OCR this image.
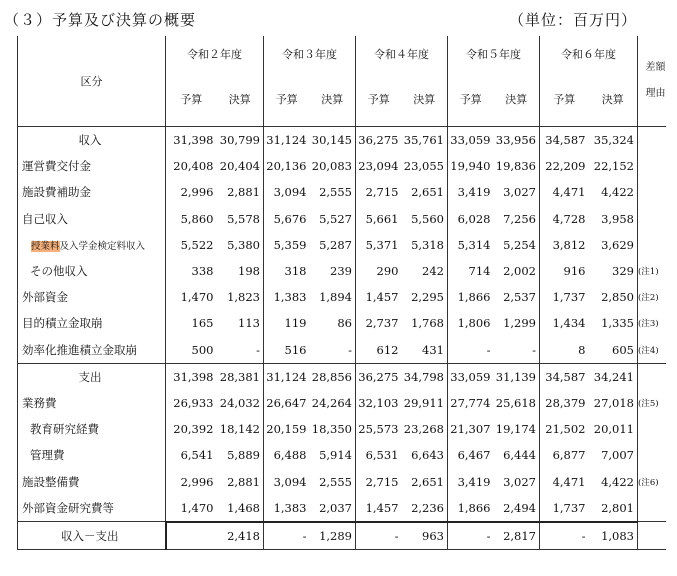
（３）予算及び決算の概要	（単位：百万円）
区分	令和２年度		令和３年度		令和４年度		令和５年度		令和６年度		差額
理由
	予算	決算	予算	決算	予算	決算	予算	決算	予算	決算	
収入	31,398	30,799	31,124	30,145	36,275	35,761	33,059	33,956	34,587	35,324	
運営費交付金	20,408	20,404	20,136	20,083	23,094	23,055	19,940	19,836	22,209	22,152	
施設費補助金	2,996	2,881	3,094	2,555	2,715	2,651	3,419	3,027	4,471	4,422	
自己収入	5,860	5,578	5,676	5,527	5,661	5,560	6,028	7,256	4,728	3,958	
授業料及入学金検定料収入	5,522	5,380	5,359	5,287	5,371	5,318	5,314	5,254	3,812	3,629	
その他収入	338	198	318	239	290	242	714	2,002	916	329	(注1)
外部資金	1,470	1,823	1,383	1,894	1,457	2,295	1,866	2,537	1,737	2,850	(注2)
目的積立金取崩	165	113	119	86	2,737	1,768	1,806	1,299	1,434	1,335	(注3)
効率化推進積立金取崩	500	-	516	-	612	431	-	-	8	605	(注4)
支出	31,398	28,381	31,124	28,856	36,275	34,798	33,059	31,139	34,587	34,241	
業務費	26,933	24,032	26,647	24,264	32,103	29,911	27,774	25,618	28,379	27,018	(注5)
教育研究経費	20,392	18,142	20,159	18,350	25,573	23,268	21,307	19,174	21,502	20,011	
管理費	6,541	5,889	6,488	5,914	6,531	6,643	6,467	6,444	6,877	7,007	
施設整備費	2,996	2,881	3,094	2,555	2,715	2,651	3,419	3,027	4,471	4,422	(注6)
外部資金研究費等	1,470	1,468	1,383	2,037	1,457	2,236	1,866	2,494	1,737	2,801	
収入－支出		2,418	-	1,289	-	963	-	2,817	-	1,083	
